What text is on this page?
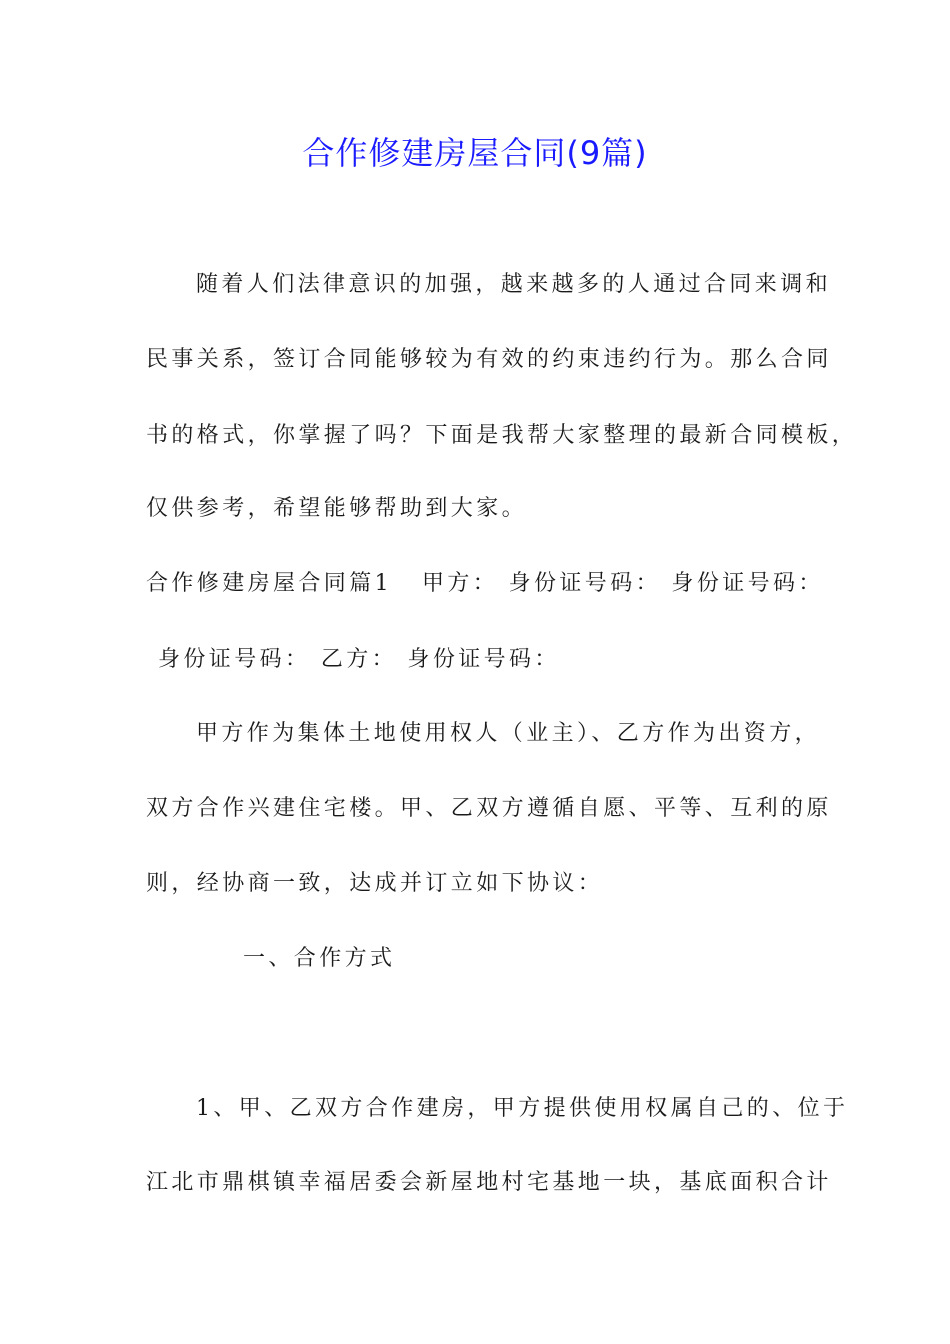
合作修建房屋合同(9篇)

随着人们法律意识的加强，越来越多的人通过合同来调和

民事关系，签订合同能够较为有效的约束违约行为。那么合同

书的格式，你掌握了吗？下面是我帮大家整理的最新合同模板，

仅供参考，希望能够帮助到大家。

合作修建房屋合同篇1 甲方： 身份证号码： 身份证号码：

身份证号码： 乙方： 身份证号码：

甲方作为集体土地使用权人（业主）、乙方作为出资方，

双方合作兴建住宅楼。甲、乙双方遵循自愿、平等、互利的原

则，经协商一致，达成并订立如下协议：

一、合作方式

1、甲、乙双方合作建房，甲方提供使用权属自己的、位于

江北市鼎棋镇幸福居委会新屋地村宅基地一块，基底面积合计
